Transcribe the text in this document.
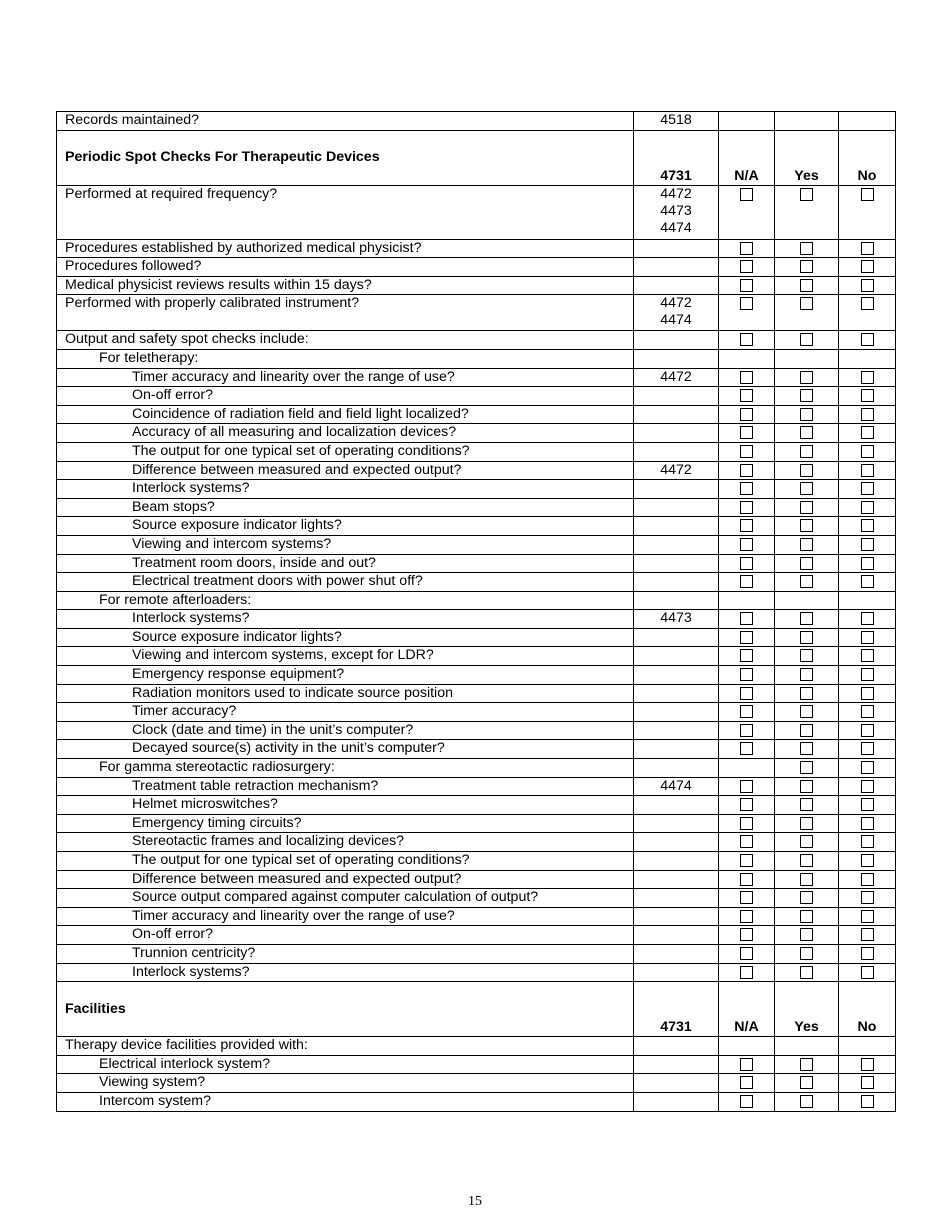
Records maintained?	4518			

Periodic Spot Checks For Therapeutic Devices	4731	N/A	Yes	No
Performed at required frequency?	4472
4473
4474			

Procedures established by authorized medical physicist?				
Procedures followed?				
Medical physicist reviews results within 15 days?				
Performed with properly calibrated instrument?	4472
4474			

Output and safety spot checks include:				
For teletherapy:				
Timer accuracy and linearity over the range of use?	4472			

On-off error?				
Coincidence of radiation field and field light localized?				
Accuracy of all measuring and localization devices?				
The output for one typical set of operating conditions?				
Difference between measured and expected output?	4472			

Interlock systems?				
Beam stops?				
Source exposure indicator lights?				
Viewing and intercom systems?				
Treatment room doors, inside and out?				
Electrical treatment doors with power shut off?				
For remote afterloaders:				
Interlock systems?	4473			

Source exposure indicator lights?				
Viewing and intercom systems, except for LDR?				
Emergency response equipment?				
Radiation monitors used to indicate source position				
Timer accuracy?				
Clock (date and time) in the unit’s computer?				
Decayed source(s) activity in the unit’s computer?				
For gamma stereotactic radiosurgery:				
Treatment table retraction mechanism?	4474			

Helmet microswitches?				
Emergency timing circuits?				
Stereotactic frames and localizing devices?				
The output for one typical set of operating conditions?				
Difference between measured and expected output?				
Source output compared against computer calculation of output?				
Timer accuracy and linearity over the range of use?				
On-off error?				
Trunnion centricity?				
Interlock systems?				
Facilities	4731	N/A	Yes	No
Therapy device facilities provided with:				
Electrical interlock system?				
Viewing system?				
Intercom system?				
15
